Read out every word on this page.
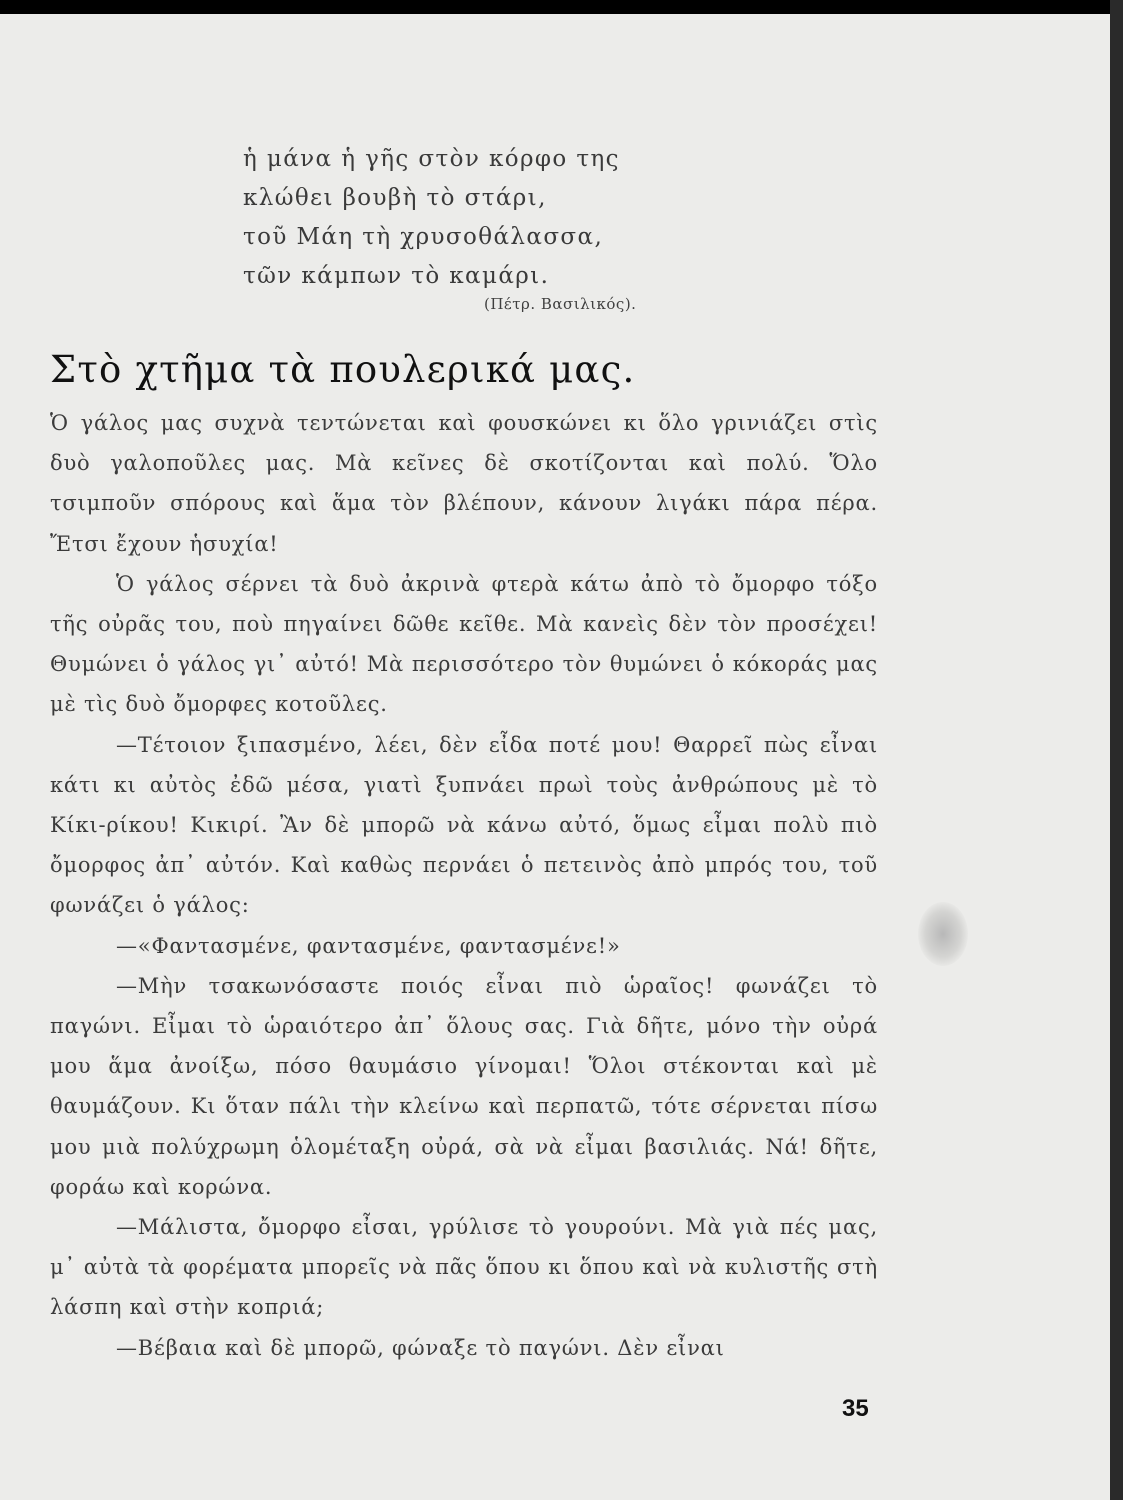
ἡ μάνα ἡ γῆς στὸν κόρφο της
κλώθει βουβὴ τὸ στάρι,
τοῦ Μάη τὴ χρυσοθάλασσα,
τῶν κάμπων τὸ καμάρι.
(Πέτρ. Βασιλικός).
Στὸ χτῆμα τὰ πουλερικά μας.

Ὁ γάλος μας συχνὰ τεντώνεται καὶ φουσκώνει κι ὅλο γρινιάζει στὶς δυὸ γαλοποῦλες μας. Μὰ κεῖνες δὲ σκοτίζονται καὶ πολύ. Ὅλο τσιμποῦν σπόρους καὶ ἅμα τὸν βλέπουν, κάνουν λιγάκι πάρα πέρα. Ἔτσι ἔχουν ἡσυχία!

Ὁ γάλος σέρνει τὰ δυὸ ἀκρινὰ φτερὰ κάτω ἀπὸ τὸ ὄμορφο τόξο τῆς οὐρᾶς του, ποὺ πηγαίνει δῶθε κεῖθε. Μὰ κανεὶς δὲν τὸν προσέχει! Θυμώνει ὁ γάλος γι᾽ αὐτό! Μὰ περισσότερο τὸν θυμώνει ὁ κόκοράς μας μὲ τὶς δυὸ ὄμορφες κοτοῦλες.

—Τέτοιον ξιπασμένο, λέει, δὲν εἶδα ποτέ μου! Θαρρεῖ πὼς εἶναι κάτι κι αὐτὸς ἐδῶ μέσα, γιατὶ ξυπνάει πρωὶ τοὺς ἀνθρώπους μὲ τὸ Κίκι-ρίκου! Κικιρί. Ἂν δὲ μπορῶ νὰ κάνω αὐτό, ὅμως εἶμαι πολὺ πιὸ ὄμορφος ἀπ᾽ αὐτόν. Καὶ καθὼς περνάει ὁ πετεινὸς ἀπὸ μπρός του, τοῦ φωνάζει ὁ γάλος:

—«Φαντασμένε, φαντασμένε, φαντασμένε!»

—Μὴν τσακωνόσαστε ποιός εἶναι πιὸ ὡραῖος! φωνάζει τὸ παγώνι. Εἶμαι τὸ ὡραιότερο ἀπ᾽ ὅλους σας. Γιὰ δῆτε, μόνο τὴν οὐρά μου ἅμα ἀνοίξω, πόσο θαυμάσιο γίνομαι! Ὅλοι στέκονται καὶ μὲ θαυμάζουν. Κι ὅταν πάλι τὴν κλείνω καὶ περπατῶ, τότε σέρνεται πίσω μου μιὰ πολύχρωμη ὁλομέταξη οὐρά, σὰ νὰ εἶμαι βασιλιάς. Νά! δῆτε, φοράω καὶ κορώνα.

—Μάλιστα, ὄμορφο εἶσαι, γρύλισε τὸ γουρούνι. Μὰ γιὰ πές μας, μ᾽ αὐτὰ τὰ φορέματα μπορεῖς νὰ πᾶς ὅπου κι ὅπου καὶ νὰ κυλιστῆς στὴ λάσπη καὶ στὴν κοπριά;

—Βέβαια καὶ δὲ μπορῶ, φώναξε τὸ παγώνι. Δὲν εἶναι

35
